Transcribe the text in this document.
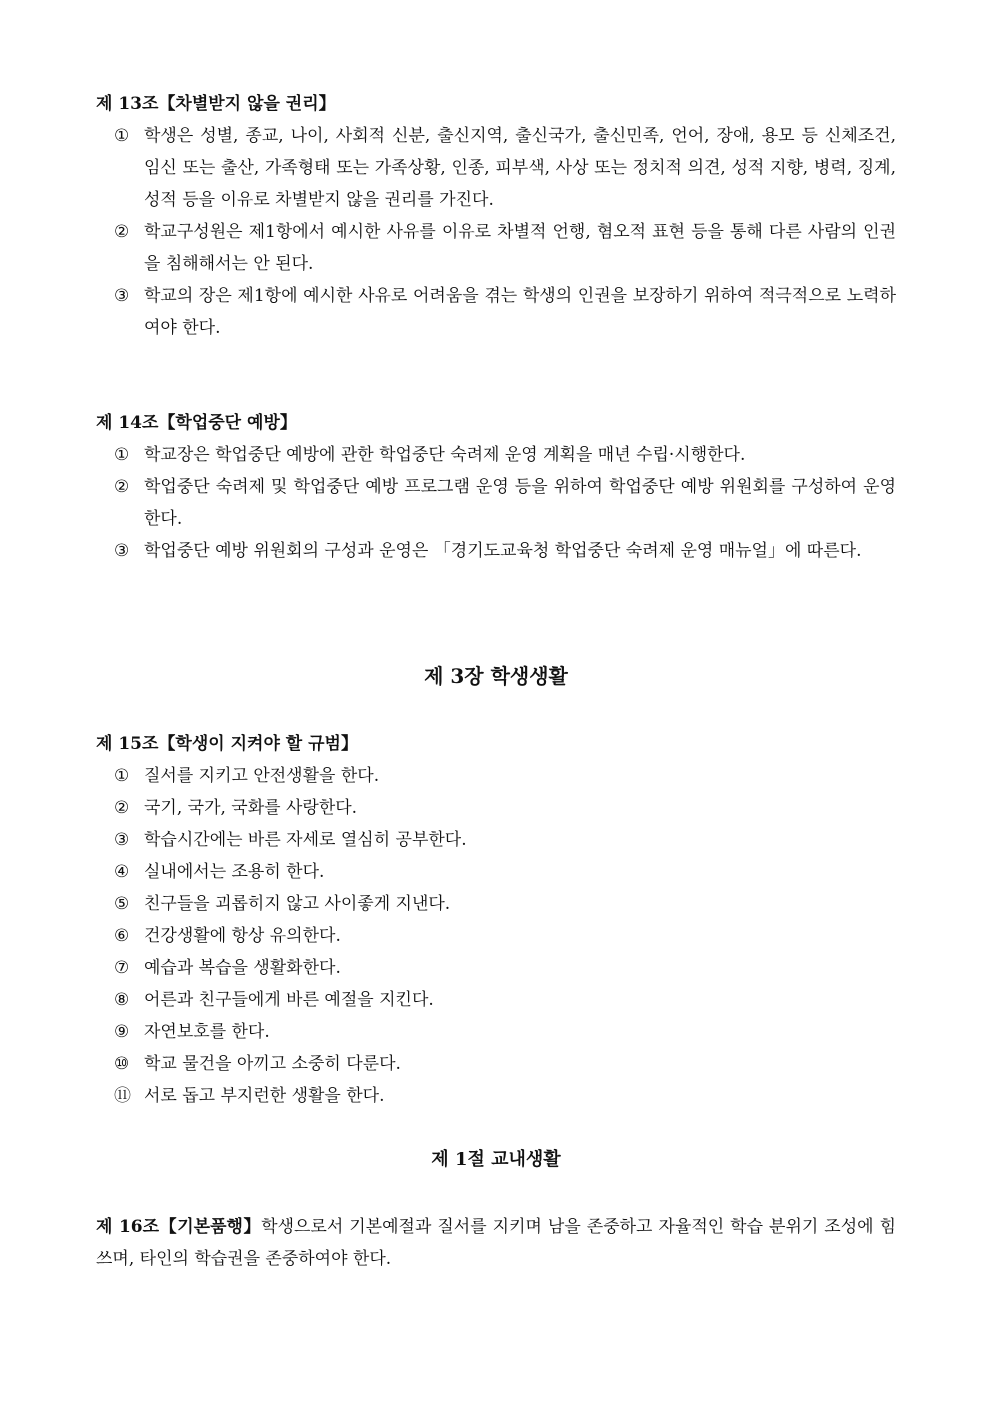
제 13조【차별받지 않을 권리】
① 학생은 성별, 종교, 나이, 사회적 신분, 출신지역, 출신국가, 출신민족, 언어, 장애, 용모 등 신체조건, 임신 또는 출산, 가족형태 또는 가족상황, 인종, 피부색, 사상 또는 정치적 의견, 성적 지향, 병력, 징계, 성적 등을 이유로 차별받지 않을 권리를 가진다.
② 학교구성원은 제1항에서 예시한 사유를 이유로 차별적 언행, 혐오적 표현 등을 통해 다른 사람의 인권을 침해해서는 안 된다.
③ 학교의 장은 제1항에 예시한 사유로 어려움을 겪는 학생의 인권을 보장하기 위하여 적극적으로 노력하여야 한다.
제 14조【학업중단 예방】
① 학교장은 학업중단 예방에 관한 학업중단 숙려제 운영 계획을 매년 수립·시행한다.
② 학업중단 숙려제 및 학업중단 예방 프로그램 운영 등을 위하여 학업중단 예방 위원회를 구성하여 운영한다.
③ 학업중단 예방 위원회의 구성과 운영은 「경기도교육청 학업중단 숙려제 운영 매뉴얼」에 따른다.
제 3장 학생생활
제 15조【학생이 지켜야 할 규범】
① 질서를 지키고 안전생활을 한다.
② 국기, 국가, 국화를 사랑한다.
③ 학습시간에는 바른 자세로 열심히 공부한다.
④ 실내에서는 조용히 한다.
⑤ 친구들을 괴롭히지 않고 사이좋게 지낸다.
⑥ 건강생활에 항상 유의한다.
⑦ 예습과 복습을 생활화한다.
⑧ 어른과 친구들에게 바른 예절을 지킨다.
⑨ 자연보호를 한다.
⑩ 학교 물건을 아끼고 소중히 다룬다.
⑪ 서로 돕고 부지런한 생활을 한다.
제 1절 교내생활

제 16조【기본품행】학생으로서 기본예절과 질서를 지키며 남을 존중하고 자율적인 학습 분위기 조성에 힘쓰며, 타인의 학습권을 존중하여야 한다.
